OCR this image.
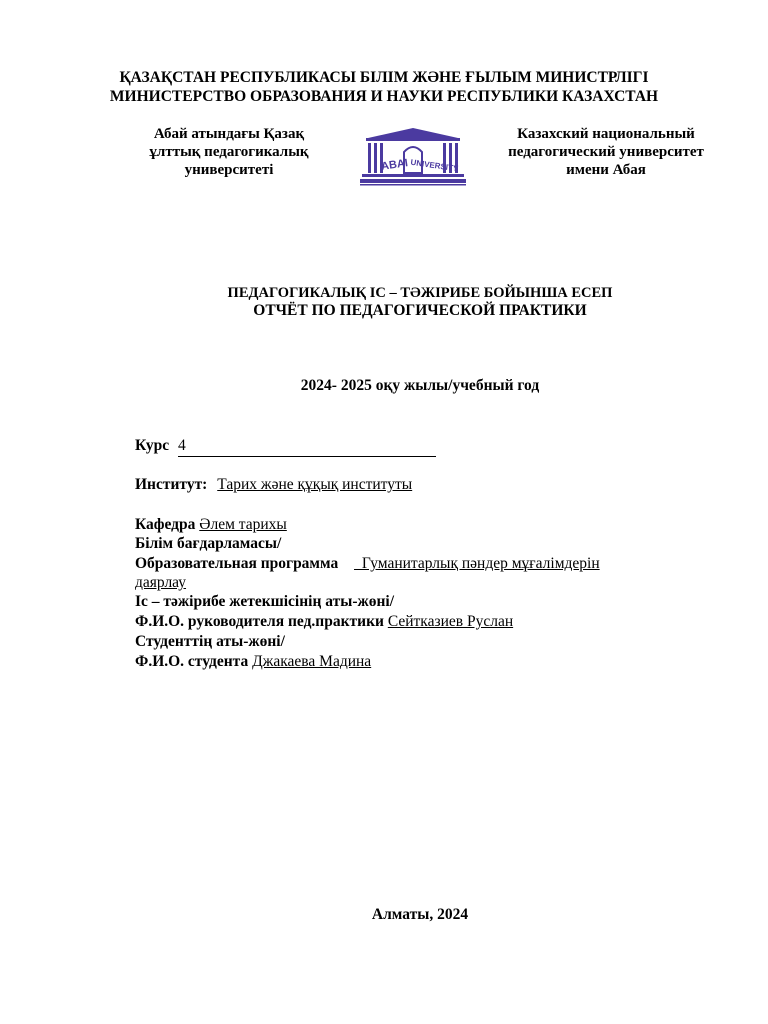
ҚАЗАҚСТАН РЕСПУБЛИКАСЫ БІЛІМ ЖӘНЕ ҒЫЛЫМ МИНИСТРЛІГІ
МИНИСТЕРСТВО ОБРАЗОВАНИЯ И НАУКИ РЕСПУБЛИКИ КАЗАХСТАН
Абай атындағы Қазақ
ұлттық педагогикалық
университеті	ABAI UNIVERSITY
Казахский национальный
педагогический университет
имени Абая
ПЕДАГОГИКАЛЫҚ ІС – ТӘЖІРИБЕ БОЙЫНША ЕСЕП
ОТЧЁТ ПО ПЕДАГОГИЧЕСКОЙ ПРАКТИКИ
2024- 2025 оқу жылы/учебный год
Курс 4
Институт: Тарих және құқық институты
Кафедра Әлем тарихы
Білім бағдарламасы/
Образовательная программа _Гуманитарлық пәндер мұғалімдерін
даярлау
Іс – тәжірибе жетекшісінің аты-жөні/
Ф.И.О. руководителя пед.практики Сейтказиев Руслан
Студенттің аты-жөні/
Ф.И.О. студента Джакаева Мадина
Алматы, 2024
